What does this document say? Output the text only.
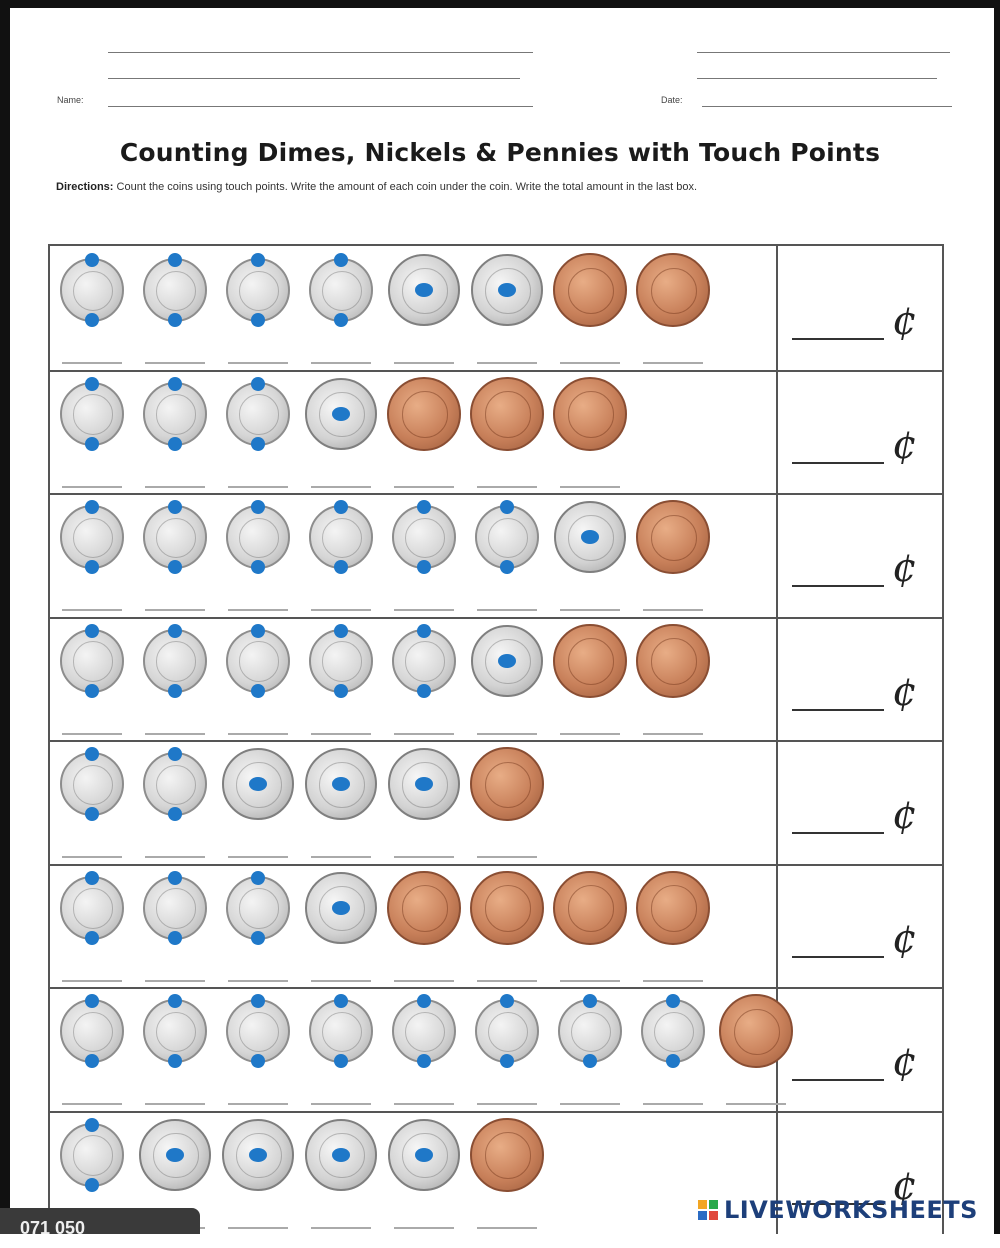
Name:	Date:
Counting Dimes, Nickels & Pennies with Touch Points
Directions: Count the coins using touch points. Write the amount of each coin under the coin. Write the total amount in the last box.
¢
¢
¢
¢
¢
¢
¢
¢
LIVEWORKSHEETS
071 050
